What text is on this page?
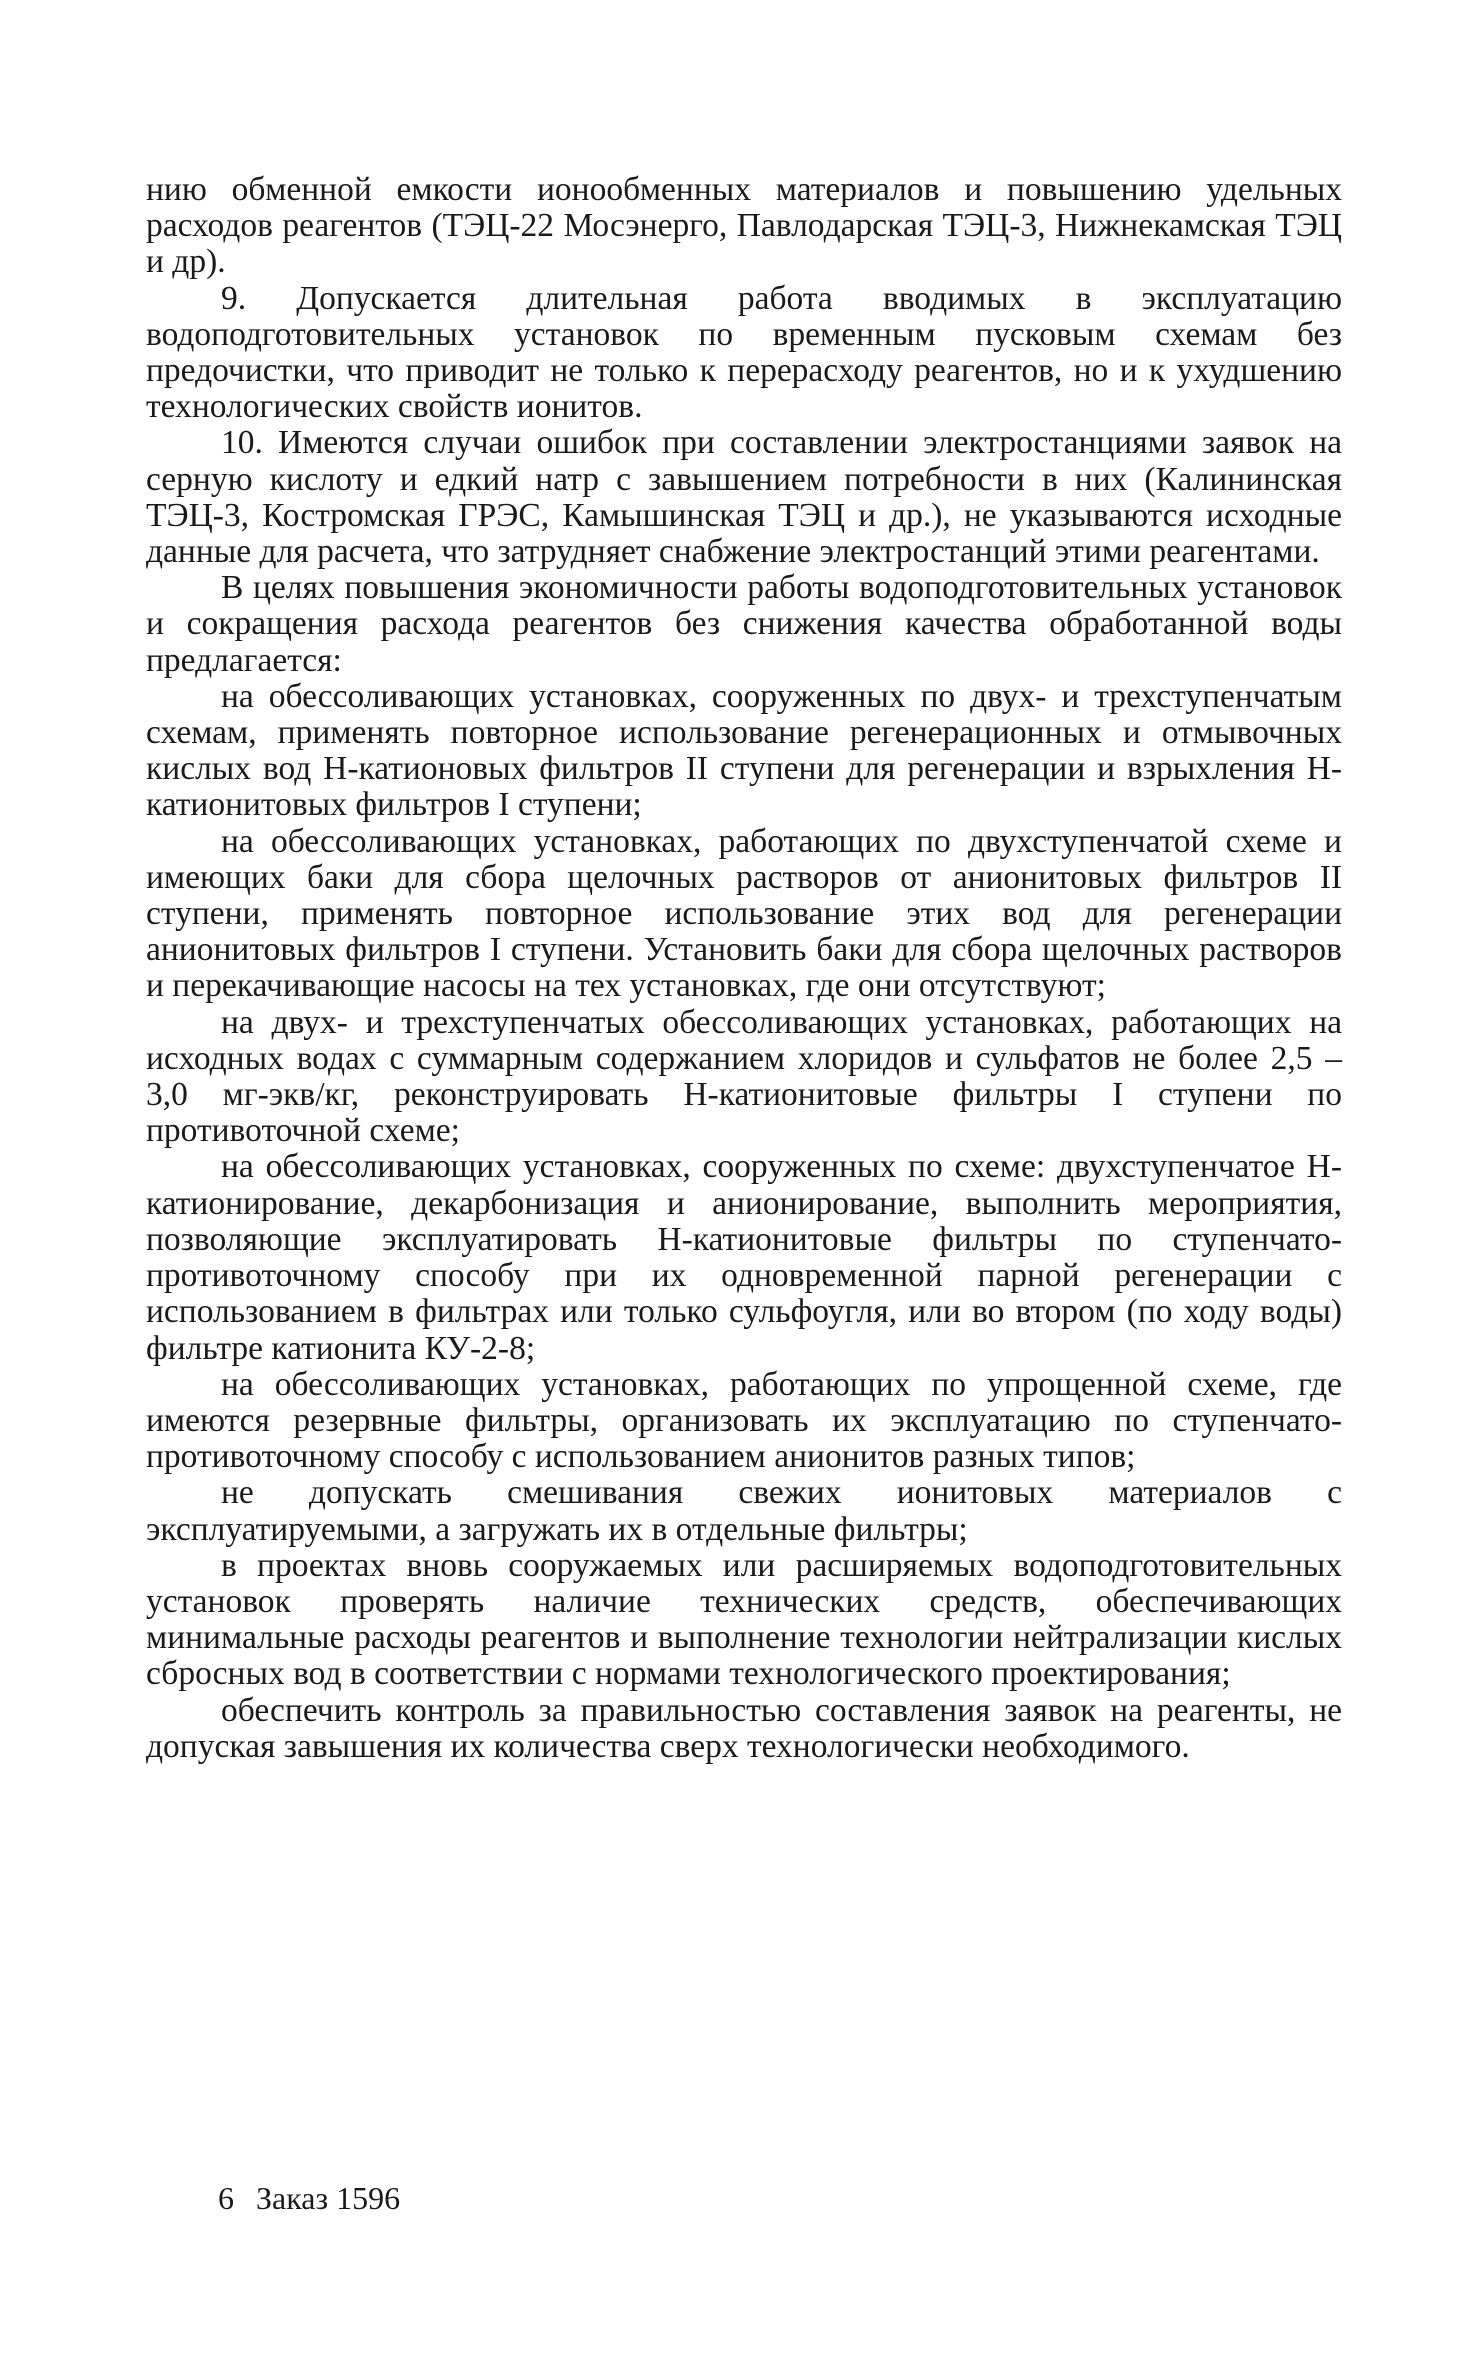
нию обменной емкости ионообменных материалов и повышению удельных расходов реагентов (ТЭЦ-22 Мосэнерго, Павлодарская ТЭЦ-3, Нижнекамская ТЭЦ и др).

9. Допускается длительная работа вводимых в эксплуатацию водоподготовительных установок по временным пусковым схемам без предочистки, что приводит не только к перерасходу реагентов, но и к ухудшению технологических свойств ионитов.

10. Имеются случаи ошибок при составлении электростанциями заявок на серную кислоту и едкий натр с завышением потребности в них (Калининская ТЭЦ-3, Костромская ГРЭС, Камышинская ТЭЦ и др.), не указываются исходные данные для расчета, что затрудняет снабжение электростанций этими реагентами.

В целях повышения экономичности работы водоподготовительных установок и сокращения расхода реагентов без снижения качества обработанной воды предлагается:

на обессоливающих установках, сооруженных по двух- и трехступенчатым схемам, применять повторное использование регенерационных и отмывочных кислых вод Н-катионовых фильтров II ступени для регенерации и взрыхления Н-катионитовых фильтров I ступени;

на обессоливающих установках, работающих по двухступенчатой схеме и имеющих баки для сбора щелочных растворов от анионитовых фильтров II ступени, применять повторное использование этих вод для регенерации анионитовых фильтров I ступени. Установить баки для сбора щелочных растворов и перекачивающие насосы на тех установках, где они отсутствуют;

на двух- и трехступенчатых обессоливающих установках, работающих на исходных водах с суммарным содержанием хлоридов и сульфатов не более 2,5 – 3,0 мг-экв/кг, реконструировать Н-катионитовые фильтры I ступени по противоточной схеме;

на обессоливающих установках, сооруженных по схеме: двухступенчатое Н-катионирование, декарбонизация и анионирование, выполнить мероприятия, позволяющие эксплуатировать Н-катионитовые фильтры по ступенчато-противоточному способу при их одновременной парной регенерации с использованием в фильтрах или только сульфоугля, или во втором (по ходу воды) фильтре катионита КУ-2-8;

на обессоливающих установках, работающих по упрощенной схеме, где имеются резервные фильтры, организовать их эксплуатацию по ступенчато-противоточному способу с использованием анионитов разных типов;

не допускать смешивания свежих ионитовых материалов с эксплуатируемыми, а загружать их в отдельные фильтры;

в проектах вновь сооружаемых или расширяемых водоподготовительных установок проверять наличие технических средств, обеспечивающих минимальные расходы реагентов и выполнение технологии нейтрализации кислых сбросных вод в соответствии с нормами технологического проектирования;

обеспечить контроль за правильностью составления заявок на реагенты, не допуская завышения их количества сверх технологически необходимого.

6 Заказ 1596
